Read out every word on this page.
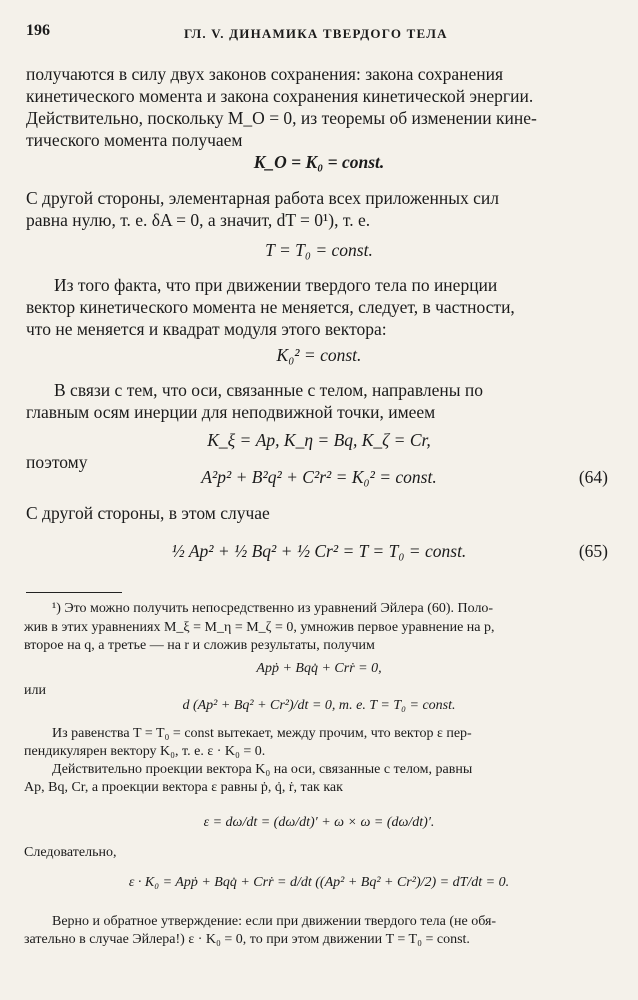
196	ГЛ. V. ДИНАМИКА ТВЕРДОГО ТЕЛА
получаются в силу двух законов сохранения: закона сохранения
кинетического момента и закона сохранения кинетической энергии.
Действительно, поскольку M_O = 0, из теоремы об изменении кине-
тического момента получаем
K_O = K₀ = const.
С другой стороны, элементарная работа всех приложенных сил
равна нулю, т. е. δA = 0, а значит, dT = 0¹), т. е.
T = T₀ = const.
Из того факта, что при движении твердого тела по инерции
вектор кинетического момента не меняется, следует, в частности,
что не меняется и квадрат модуля этого вектора:
K₀² = const.
В связи с тем, что оси, связанные с телом, направлены по
главным осям инерции для неподвижной точки, имеем
K_ξ = Ap, K_η = Bq, K_ζ = Cr,
поэтому
A²p² + B²q² + C²r² = K₀² = const.	(64)
С другой стороны, в этом случае
½ Ap² + ½ Bq² + ½ Cr² = T = T₀ = const.	(65)
¹) Это можно получить непосредственно из уравнений Эйлера (60). Поло-
жив в этих уравнениях M_ξ = M_η = M_ζ = 0, умножив первое уравнение на p,
второе на q, а третье — на r и сложив результаты, получим
Apṗ + Bqq̇ + Crṙ = 0,
или
d (Ap² + Bq² + Cr²)/dt = 0, т. е. T = T₀ = const.
Из равенства T = T₀ = const вытекает, между прочим, что вектор ε пер-
пендикулярен вектору K₀, т. е. ε · K₀ = 0.
Действительно проекции вектора K₀ на оси, связанные с телом, равны
Ap, Bq, Cr, а проекции вектора ε равны ṗ, q̇, ṙ, так как
ε = dω/dt = (dω/dt)′ + ω × ω = (dω/dt)′.
Следовательно,
ε · K₀ = Apṗ + Bqq̇ + Crṙ = d/dt ((Ap² + Bq² + Cr²)/2) = dT/dt = 0.
Верно и обратное утверждение: если при движении твердого тела (не обя-
зательно в случае Эйлера!) ε · K₀ = 0, то при этом движении T = T₀ = const.
